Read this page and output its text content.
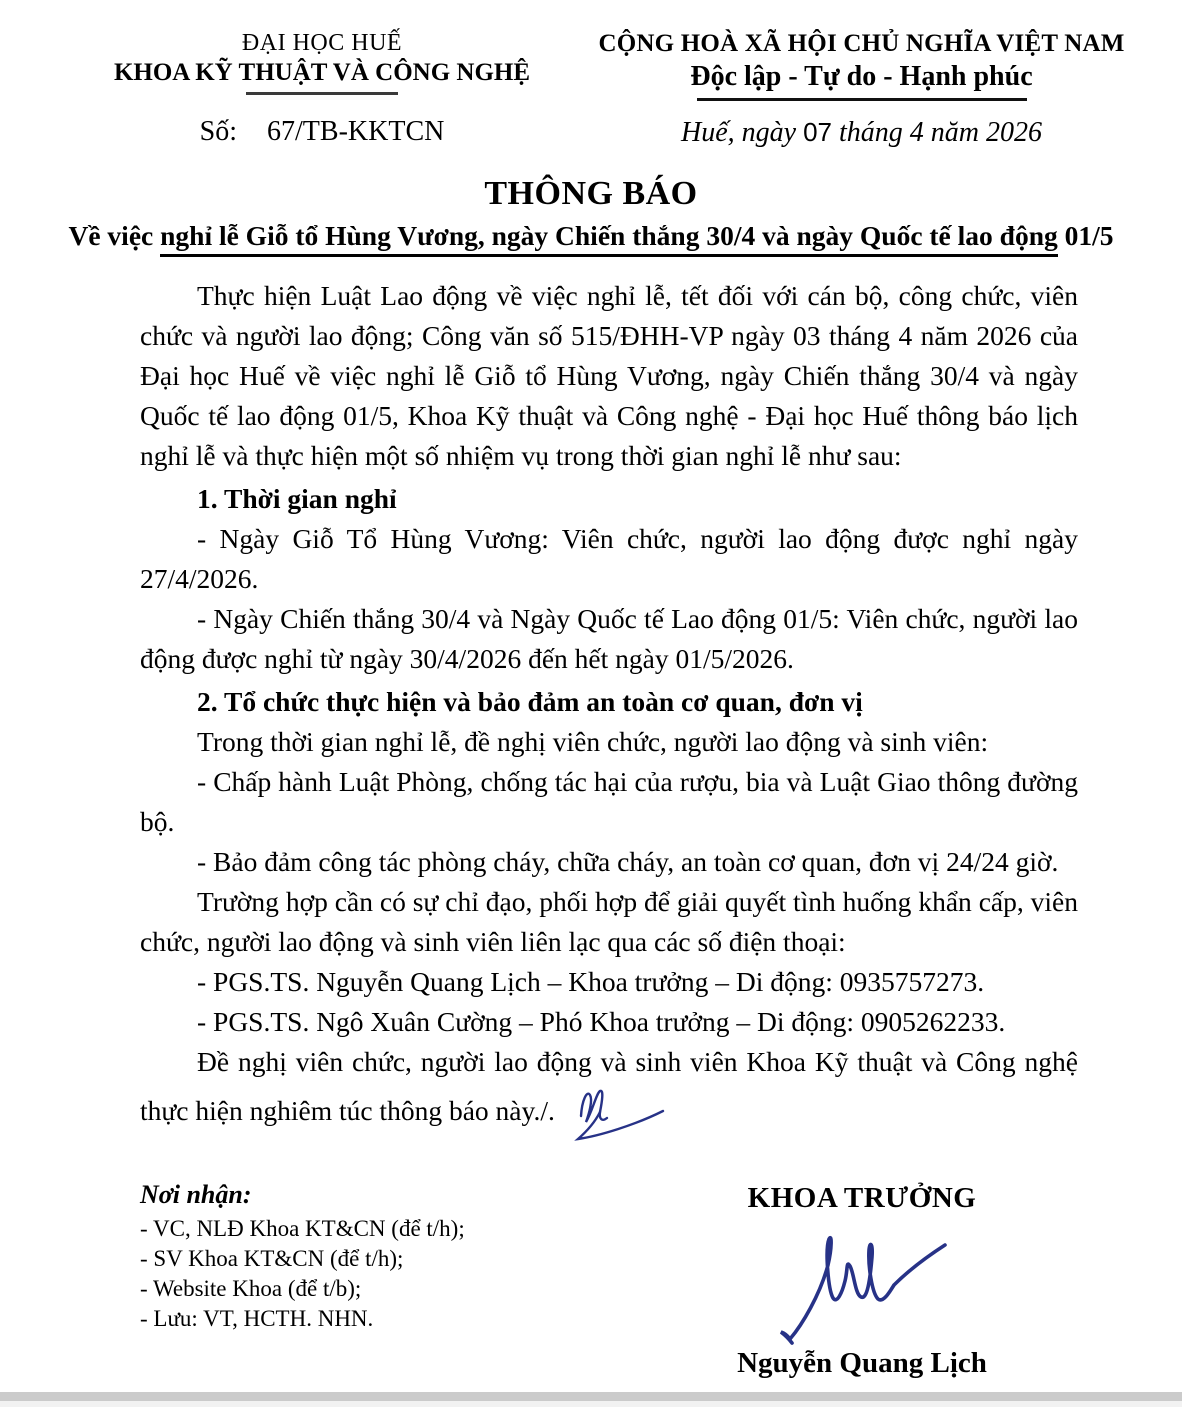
ĐẠI HỌC HUẾ
KHOA KỸ THUẬT VÀ CÔNG NGHỆ
Số: 67/TB-KKTCN
CỘNG HOÀ XÃ HỘI CHỦ NGHĨA VIỆT NAM
Độc lập - Tự do - Hạnh phúc
Huế, ngày 07 tháng 4 năm 2026
THÔNG BÁO
Về việc nghỉ lễ Giỗ tổ Hùng Vương, ngày Chiến thắng 30/4 và ngày Quốc tế lao động 01/5

Thực hiện Luật Lao động về việc nghỉ lễ, tết đối với cán bộ, công chức, viên chức và người lao động; Công văn số 515/ĐHH-VP ngày 03 tháng 4 năm 2026 của Đại học Huế về việc nghỉ lễ Giỗ tổ Hùng Vương, ngày Chiến thắng 30/4 và ngày Quốc tế lao động 01/5, Khoa Kỹ thuật và Công nghệ - Đại học Huế thông báo lịch nghỉ lễ và thực hiện một số nhiệm vụ trong thời gian nghỉ lễ như sau:

1. Thời gian nghỉ

- Ngày Giỗ Tổ Hùng Vương: Viên chức, người lao động được nghỉ ngày 27/4/2026.

- Ngày Chiến thắng 30/4 và Ngày Quốc tế Lao động 01/5: Viên chức, người lao động được nghỉ từ ngày 30/4/2026 đến hết ngày 01/5/2026.

2. Tổ chức thực hiện và bảo đảm an toàn cơ quan, đơn vị

Trong thời gian nghỉ lễ, đề nghị viên chức, người lao động và sinh viên:

- Chấp hành Luật Phòng, chống tác hại của rượu, bia và Luật Giao thông đường bộ.

- Bảo đảm công tác phòng cháy, chữa cháy, an toàn cơ quan, đơn vị 24/24 giờ.

Trường hợp cần có sự chỉ đạo, phối hợp để giải quyết tình huống khẩn cấp, viên chức, người lao động và sinh viên liên lạc qua các số điện thoại:

- PGS.TS. Nguyễn Quang Lịch – Khoa trưởng – Di động: 0935757273.

- PGS.TS. Ngô Xuân Cường – Phó Khoa trưởng – Di động: 0905262233.

Đề nghị viên chức, người lao động và sinh viên Khoa Kỹ thuật và Công nghệ thực hiện nghiêm túc thông báo này./.

Nơi nhận:
- VC, NLĐ Khoa KT&CN (để t/h);
- SV Khoa KT&CN (để t/h);
- Website Khoa (để t/b);
- Lưu: VT, HCTH. NHN.
KHOA TRƯỞNG
Nguyễn Quang Lịch
